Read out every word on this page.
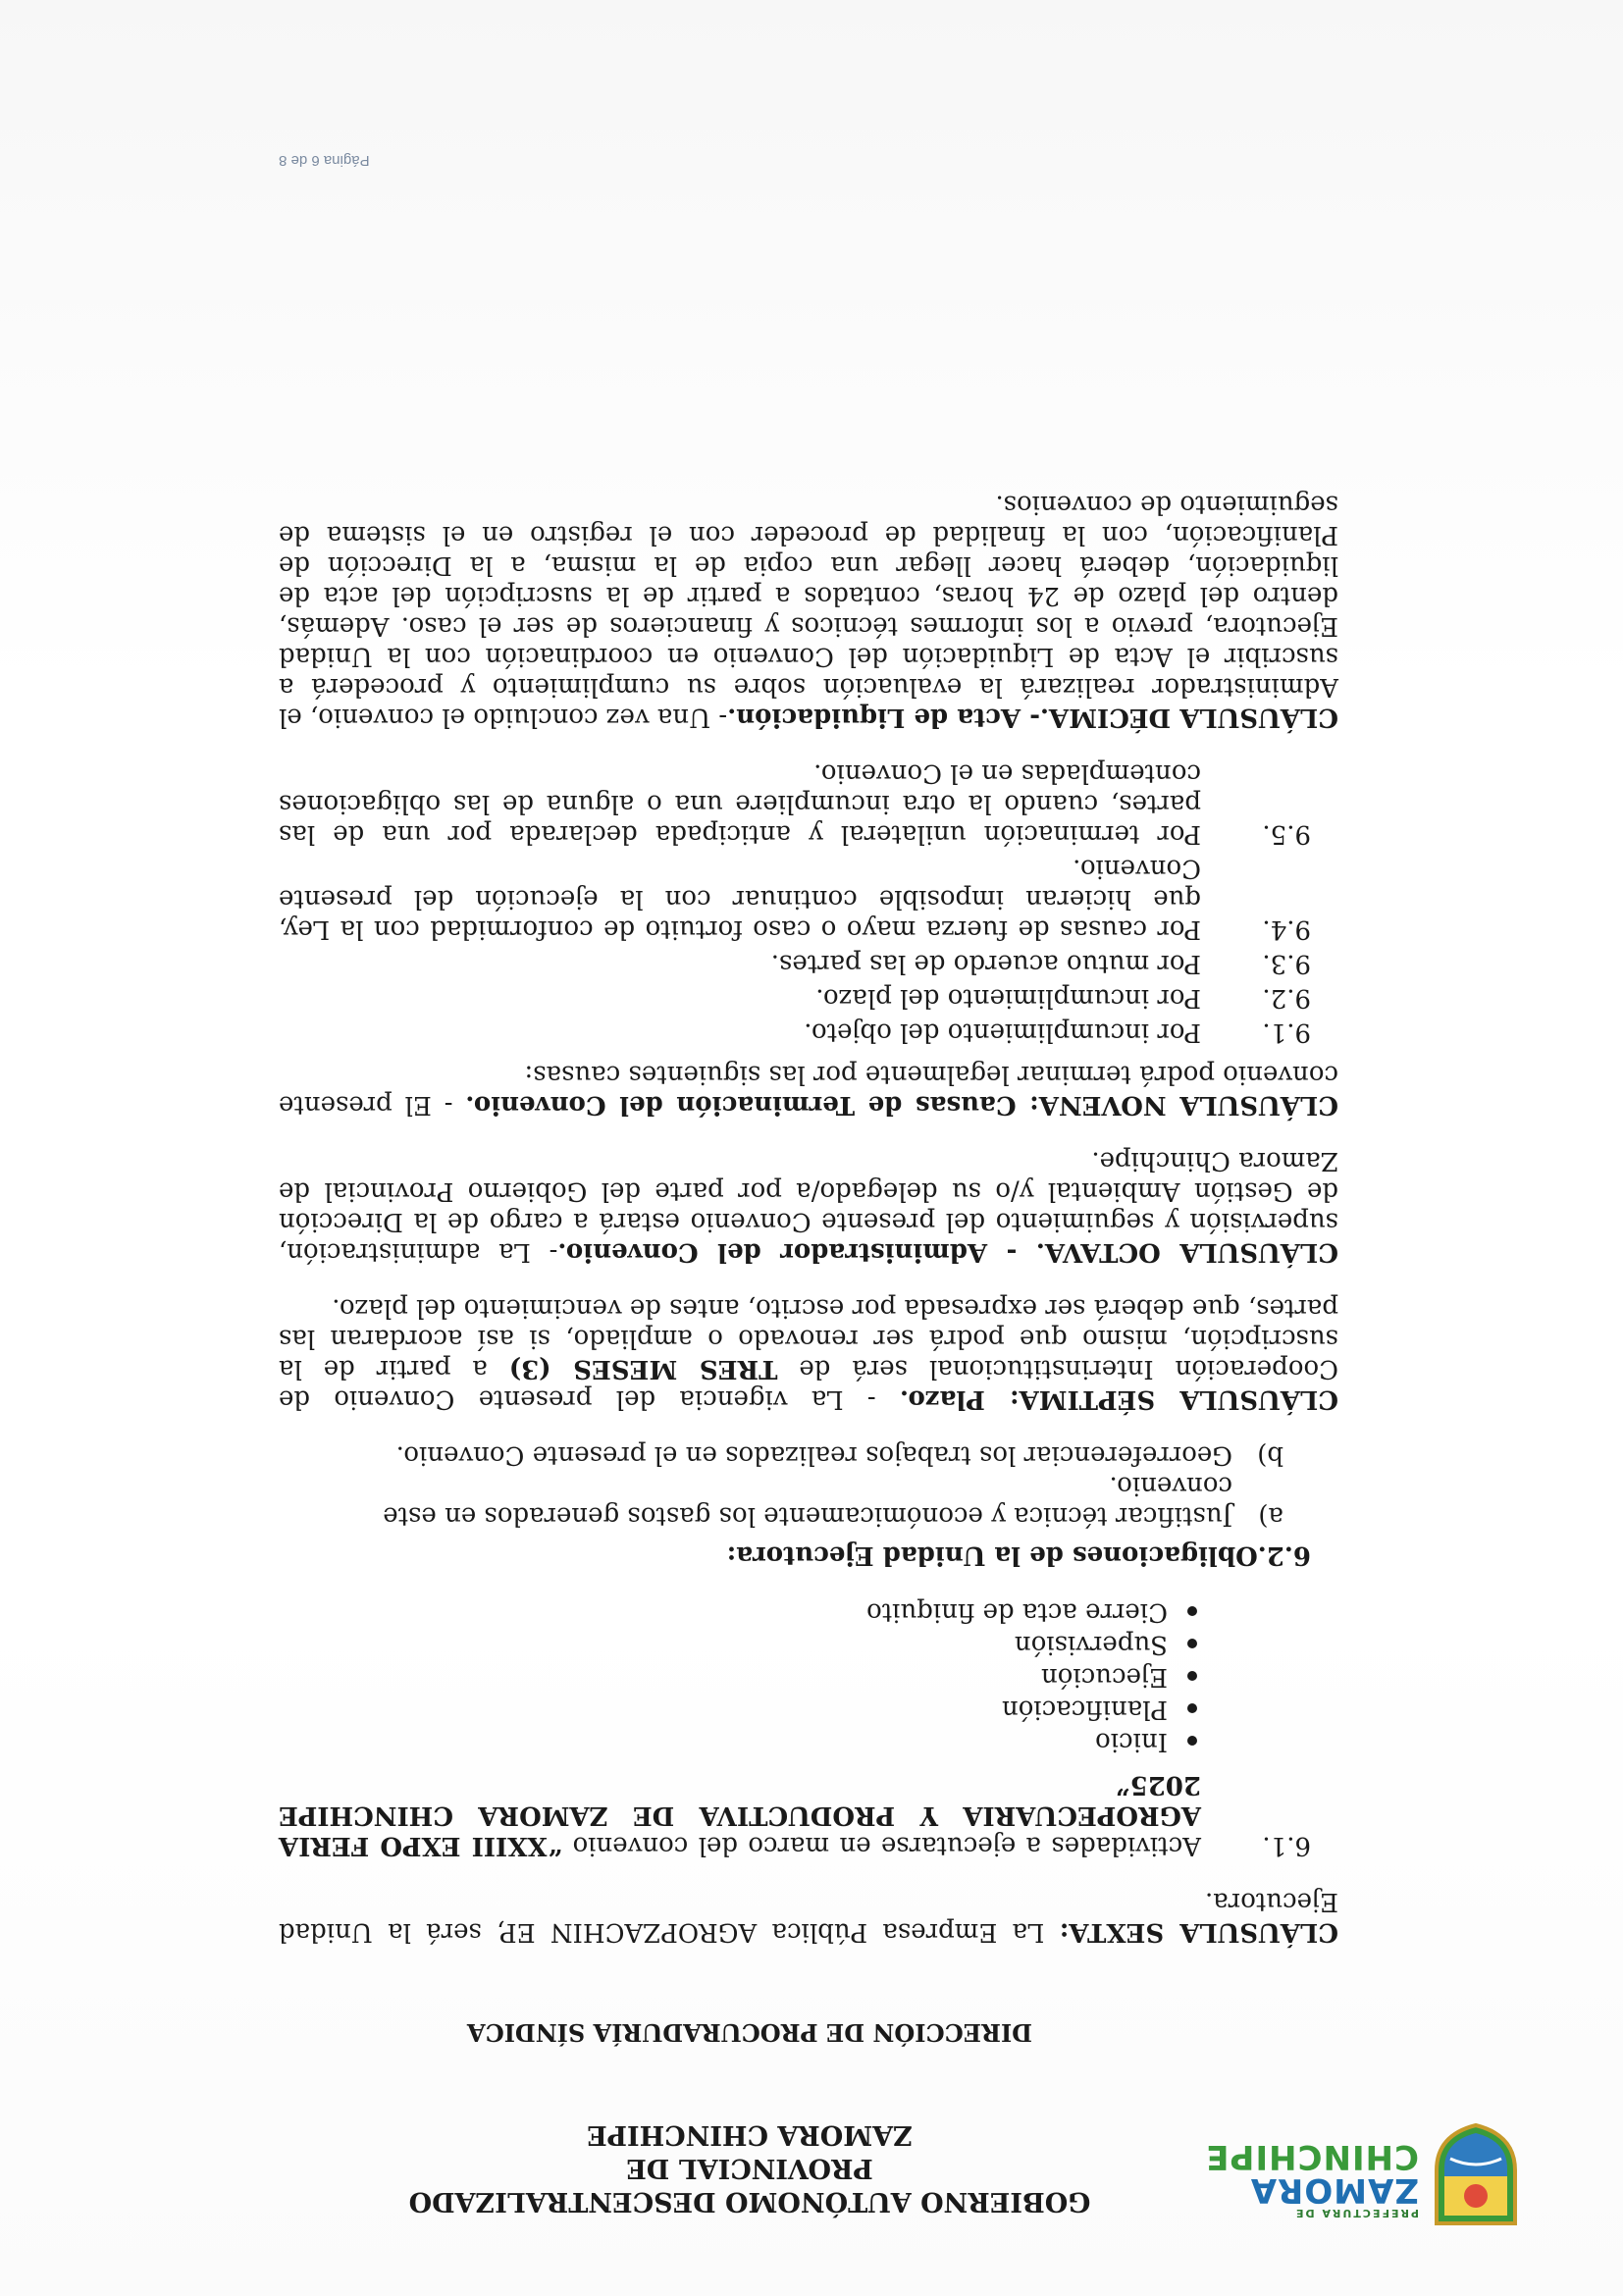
PREFECTURA DE
ZAMORA
CHINCHIPE
GOBIERNO AUTÓNOMO DESCENTRALIZADO PROVINCIAL DE
ZAMORA CHINCHIPE
DIRECCIÓN DE PROCURADURÍA SÍNDICA

CLÁUSULA SEXTA: La Empresa Pública AGROPZACHIN EP, será la Unidad Ejecutora.

6.1.
Actividades a ejecutarse en marco del convenio “XXIII EXPO FERIA AGROPECUARIA Y PRODUCTIVA DE ZAMORA CHINCHIPE 2025”
Inicio
Planificación
Ejecución
Supervisión
Cierre acta de finiquito
6.2.Obligaciones de la Unidad Ejecutora:
a)
Justificar técnica y económicamente los gastos generados en este convenio.
b)
Georreferenciar los trabajos realizados en el presente Convenio.

CLÁUSULA SÉPTIMA: Plazo. - La vigencia del presente Convenio de Cooperación Interinstitucional será de TRES MESES (3) a partir de la suscripción, mismo que podrá ser renovado o ampliado, si así acordaran las partes, que deberá ser expresada por escrito, antes de vencimiento del plazo.

CLÁUSULA OCTAVA. - Administrador del Convenio.- La administración, supervisión y seguimiento del presente Convenio estará a cargo de la Dirección de Gestión Ambiental y/o su delegado/a por parte del Gobierno Provincial de Zamora Chinchipe.

CLÁUSULA NOVENA: Causas de Terminación del Convenio. - El presente convenio podrá terminar legalmente por las siguientes causas:

9.1.
Por incumplimiento del objeto.
9.2.
Por incumplimiento del plazo.
9.3.
Por mutuo acuerdo de las partes.
9.4.
Por causas de fuerza mayo o caso fortuito de conformidad con la Ley, que hicieran imposible continuar con la ejecución del presente Convenio.
9.5.
Por terminación unilateral y anticipada declarada por una de las partes, cuando la otra incumpliere una o alguna de las obligaciones contempladas en el Convenio.

CLÁUSULA DÉCIMA.- Acta de Liquidación.- Una vez concluido el convenio, el Administrador realizará la evaluación sobre su cumplimiento y procederá a suscribir el Acta de Liquidación del Convenio en coordinación con la Unidad Ejecutora, previo a los informes técnicos y financieros de ser el caso. Además, dentro del plazo de 24 horas, contados a partir de la suscripción del acta de liquidación, deberá hacer llegar una copia de la misma, a la Dirección de Planificación, con la finalidad de proceder con el registro en el sistema de seguimiento de convenios.

Página 6 de 8
